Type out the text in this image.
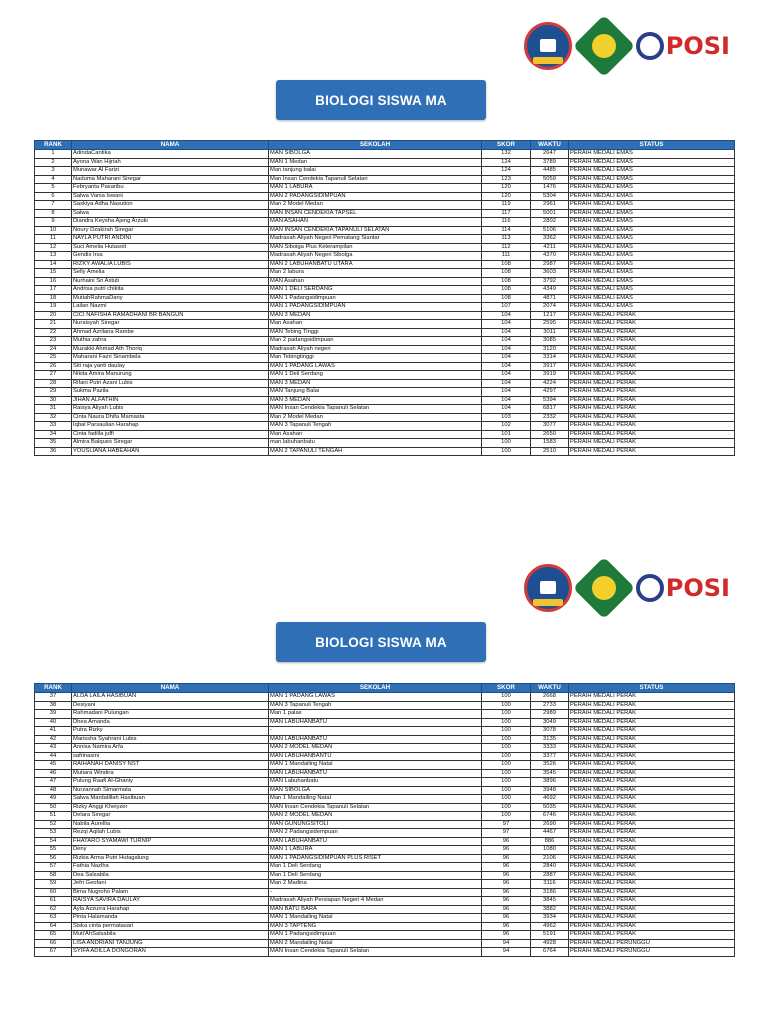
POSI
BIOLOGI SISWA MA
RANK	NAMA	SEKOLAH	SKOR	WAKTU	STATUS
1	AdindaCantika	MAN SIBOLGA	132	2647	PERAIH MEDALI EMAS
2	Ayona Wan Hijriah	MAN 1 Medan	124	3789	PERAIH MEDALI EMAS
3	Munawar Al Farizi	Man tanjung balai	124	4485	PERAIH MEDALI EMAS
4	Naduma Maharani Siregar	Man Insan Cendekia Tapanuli Selatan	123	5059	PERAIH MEDALI EMAS
5	Febryanta Pasaribu	MAN 1 LABURA	120	1476	PERAIH MEDALI EMAS
6	Salwa Vania Iswani	MAN 2 PADANGSIDIMPUAN	120	5304	PERAIH MEDALI EMAS
7	Saskiya Adha Nasution	Man 2 Model Medan	119	2961	PERAIH MEDALI EMAS
8	Salwa	MAN INSAN CENDEKIA TAPSEL	117	5001	PERAIH MEDALI EMAS
9	Diandra Keysha Ajeng Arzuki	MAN ASAHAN	116	2802	PERAIH MEDALI EMAS
10	Noury Dzakirah Siregar	MAN INSAN CENDEKIA TAPANULI SELATAN	114	5106	PERAIH MEDALI EMAS
11	NAYLA PUTRI ANDINI	Madrasah Aliyah Negeri Pematang Siantar	113	3362	PERAIH MEDALI EMAS
12	Suci Amelia Hutasoit	MAN Siboiga Plus Keterampilan	112	4211	PERAIH MEDALI EMAS
13	Gendis Irsa	Madrasah Aliyah Negeri Sibolga	111	4370	PERAIH MEDALI EMAS
14	RIZKY AWALIA LUBIS	MAN 2 LABUHANBATU UTARA	108	2987	PERAIH MEDALI EMAS
15	Selly Amelia	Man 2 labura	108	3603	PERAIH MEDALI EMAS
16	Nurhaini Sri Astuti	MAN Asahan	108	3792	PERAIH MEDALI EMAS
17	Andrisa putri chikita	MAN 1 DELI SERDANG	108	4349	PERAIH MEDALI EMAS
18	MutiahRahmaDany	MAN 1 Padangsidimpuan	108	4871	PERAIH MEDALI EMAS
19	Lailan Nazmi	MAN 1 PADANGSIDIMPUAN	107	2074	PERAIH MEDALI EMAS
20	CICI NAFISHA RAMADHANI BR BANGUN	MAN 3 MEDAN	104	1217	PERAIH MEDALI PERAK
21	Nuraisyah Siregar	Man Asahan	104	2595	PERAIH MEDALI PERAK
22	Ahmad Azrilana Rambe	MAN Tebing Tinggi	104	3011	PERAIH MEDALI PERAK
23	Muthia zahra	Man 2 padangsidimpuan	104	3085	PERAIH MEDALI PERAK
24	Muzakki Ahmad Ath Thoriq	Madrasah Aliyah negeri	104	3120	PERAIH MEDALI PERAK
25	Maharani Fazri Sinambela	Man Tebingtinggi	104	3314	PERAIH MEDALI PERAK
26	Siti raja yanti daulay	MAN 1 PADANG LAWAS	104	3917	PERAIH MEDALI PERAK
27	Nikita Amira Manurung	MAN 1 Deli Serdang	104	3919	PERAIH MEDALI PERAK
28	Rifani Putri Azani Lubis	MAN 3 MEDAN	104	4224	PERAIH MEDALI PERAK
29	Sukma Pazila	MAN Tanjung Balai	104	4297	PERAIH MEDALI PERAK
30	JIHAN ALFATHIN	MAN 3 MEDAN	104	5394	PERAIH MEDALI PERAK
31	Raisya Aliyah Lubis	MAN Insan Cendekia Tapanuli Selatan	104	6817	PERAIH MEDALI PERAK
32	Cinta Naura Dhifa Mamasta	Man 2 Model Medan	103	2332	PERAIH MEDALI PERAK
33	Iqbal Parsaulian Harahap	MAN 3 Tapanuli Tengah	102	3077	PERAIH MEDALI PERAK
34	Cinta fadilla juffi	Man Asahan	101	2650	PERAIH MEDALI PERAK
35	Almira Balques Siregar	man labuhanbatu	100	1583	PERAIH MEDALI PERAK
36	YOUSLIANA HABEAHAN	MAN 2 TAPANULI TENGAH	100	2510	PERAIH MEDALI PERAK
POSI
BIOLOGI SISWA MA
RANK	NAMA	SEKOLAH	SKOR	WAKTU	STATUS
37	ALDA LAILA HASIBUAN	MAN 1 PADANG LAWAS	100	2668	PERAIH MEDALI PERAK
38	Desiyani	MAN 3 Tapanuli Tengah	100	2733	PERAIH MEDALI PERAK
39	Rahmadani Pulungan	Man 1 palas	100	2989	PERAIH MEDALI PERAK
40	Dhea Amanda	MAN LABUHANBATU	100	3049	PERAIH MEDALI PERAK
41	Putra Rizky	-	100	3078	PERAIH MEDALI PERAK
42	Marissha Syahrani Lubis	MAN LABUHANBATU	100	3135	PERAIH MEDALI PERAK
43	Annisa Namira Arfa	MAN 2 MODEL MEDAN	100	3333	PERAIH MEDALI PERAK
44	safrinasini	MAN LABUHANBANTU	100	3377	PERAIH MEDALI PERAK
45	RAIHANAH DANISY NST	MAN 1 Mandailing Natal	100	3526	PERAIH MEDALI PERAK
46	Mutiara Windira	MAN LABUHANBATU	100	3545	PERAIH MEDALI PERAK
47	Pulung Raafi Al-Ghaniy	MAN Labuhanbatu	100	3896	PERAIH MEDALI PERAK
48	Nurzannah Simarmata	MAN SIBOLGA	100	3948	PERAIH MEDALI PERAK
49	Salwa Mardatillah Hasibuan	Man 1 Mandailing Natal	100	4692	PERAIH MEDALI PERAK
50	Rizky Anggi Kheiyzer	MAN Insan Cendekia Tapanuli Selatan	100	5035	PERAIH MEDALI PERAK
51	Delara Siregar	MAN 2 MODEL MEDAN	100	6746	PERAIH MEDALI PERAK
52	Nabila Aurellia	MAN GUNUNGSITOLI	97	2690	PERAIH MEDALI PERAK
53	Rezqi Aqilah Lubis	MAN 2 Padangsidempuan	97	4467	PERAIH MEDALI PERAK
54	FHATARO SYAMAWI TURNIP	MAN LABUHANBATU	96	886	PERAIH MEDALI PERAK
55	Deny	MAN 1 LABURA	96	1080	PERAIH MEDALI PERAK
56	Rizkia Arma Putri Hutagalung	MAN 1 PADANGSIDIMPUAN PLUS RISET	96	2106	PERAIH MEDALI PERAK
57	Fathia Nazlha	Man 1 Deli Serdang	96	2840	PERAIH MEDALI PERAK
58	Dea Salsabila	Man 1 Deli Serdang	96	2887	PERAIH MEDALI PERAK
59	Jefri Geofani	Man 2 Madina	96	3116	PERAIH MEDALI PERAK
60	Bima Nugroho Palam	-	96	3186	PERAIH MEDALI PERAK
61	RAISYA SAVIRA DAULAY	Madrasah Aliyah Persiapan Negeri 4 Medan	96	3845	PERAIH MEDALI PERAK
62	Ayla Azzurra Harahap	MAN BATU BARA	96	3882	PERAIH MEDALI PERAK
63	Pinta Halamanda	MAN 1 Mandailing Natal	96	3934	PERAIH MEDALI PERAK
64	Siska cinta permatasari	MAN 3 TAPTENG	96	4962	PERAIH MEDALI PERAK
65	Muti'AhSalsabila	MAN 1 Padangsidimpuan	96	5191	PERAIH MEDALI PERAK
66	LISA ANDRIANI TANJUNG	MAN 2 Mandailing Natal	94	4928	PERAIH MEDALI PERUNGGU
67	SYIFA ADILLA DONGORAN	MAN Insan Cendekia Tapanuli Selatan	94	6764	PERAIH MEDALI PERUNGGU
